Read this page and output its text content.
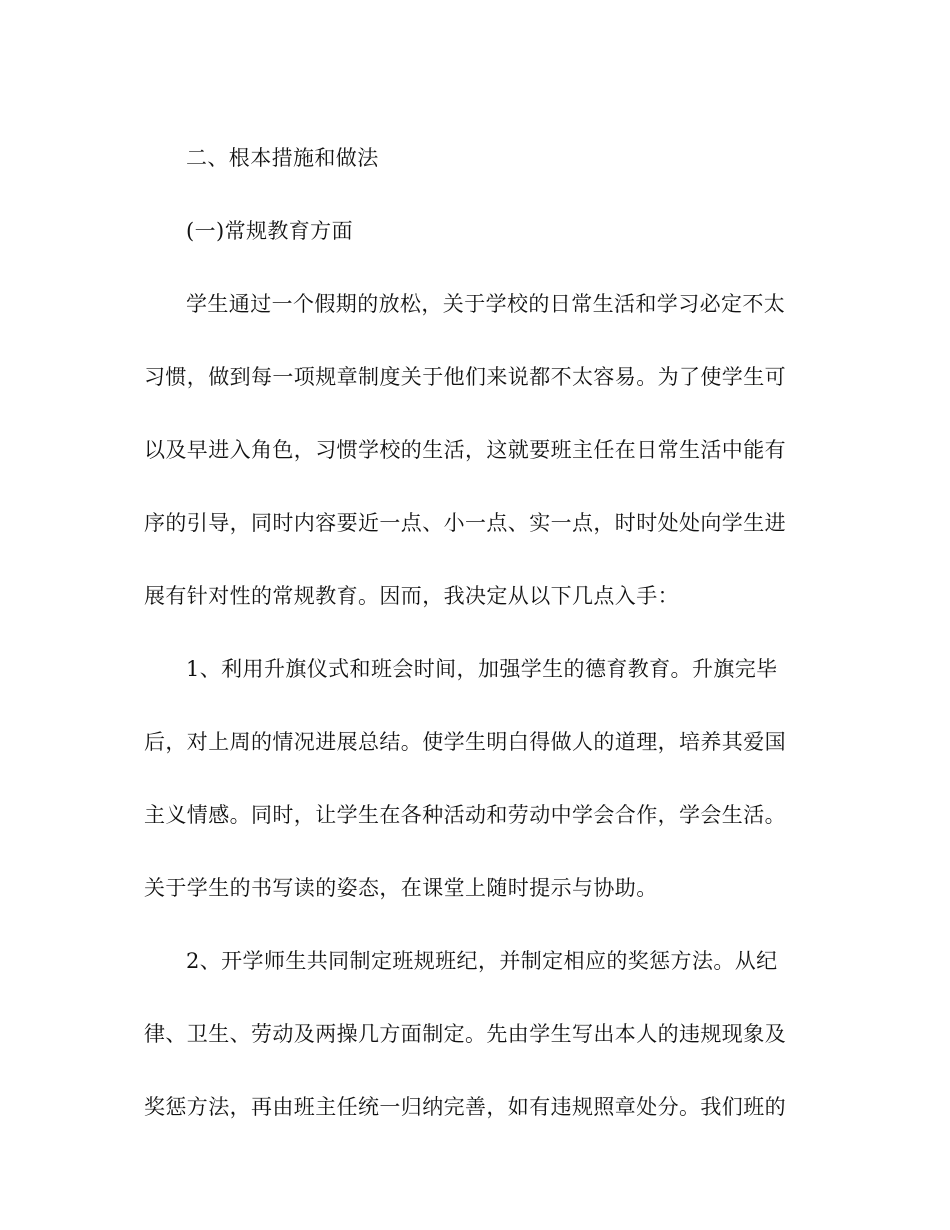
二、根本措施和做法
(一)常规教育方面
学生通过一个假期的放松，关于学校的日常生活和学习必定不太
习惯，做到每一项规章制度关于他们来说都不太容易。为了使学生可
以及早进入角色，习惯学校的生活，这就要班主任在日常生活中能有
序的引导，同时内容要近一点、小一点、实一点，时时处处向学生进
展有针对性的常规教育。因而，我决定从以下几点入手：
1、利用升旗仪式和班会时间，加强学生的德育教育。升旗完毕
后，对上周的情况进展总结。使学生明白得做人的道理，培养其爱国
主义情感。同时，让学生在各种活动和劳动中学会合作，学会生活。
关于学生的书写读的姿态，在课堂上随时提示与协助。
2、开学师生共同制定班规班纪，并制定相应的奖惩方法。从纪
律、卫生、劳动及两操几方面制定。先由学生写出本人的违规现象及
奖惩方法，再由班主任统一归纳完善，如有违规照章处分。我们班的
